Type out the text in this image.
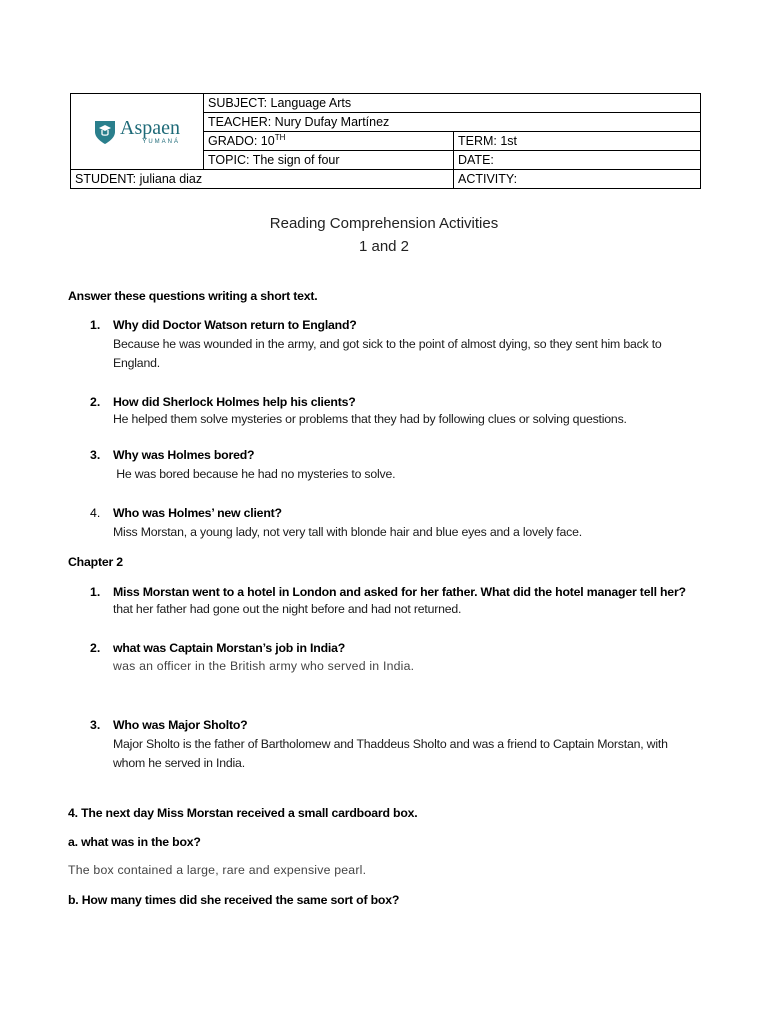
Aspaen
YUMANÁ	SUBJECT: Language Arts	
	TEACHER: Nury Dufay Martínez	
	GRADO: 10TH	TERM: 1st
	TOPIC: The sign of four	DATE:
STUDENT: juliana diaz		ACTIVITY:
Reading Comprehension Activities
1 and 2
Answer these questions writing a short text.
1. Why did Doctor Watson return to England?
Because he was wounded in the army, and got sick to the point of almost dying, so they sent him back to
England.
2. How did Sherlock Holmes help his clients?
He helped them solve mysteries or problems that they had by following clues or solving questions.
3. Why was Holmes bored?
He was bored because he had no mysteries to solve.
4. Who was Holmes’ new client?
Miss Morstan, a young lady, not very tall with blonde hair and blue eyes and a lovely face.
Chapter 2
1. Miss Morstan went to a hotel in London and asked for her father. What did the hotel manager tell her?
that her father had gone out the night before and had not returned.
2. what was Captain Morstan’s job in India?
was an officer in the British army who served in India.
3. Who was Major Sholto?
Major Sholto is the father of Bartholomew and Thaddeus Sholto and was a friend to Captain Morstan, with
whom he served in India.
4. The next day Miss Morstan received a small cardboard box.
a. what was in the box?
The box contained a large, rare and expensive pearl.
b. How many times did she received the same sort of box?
